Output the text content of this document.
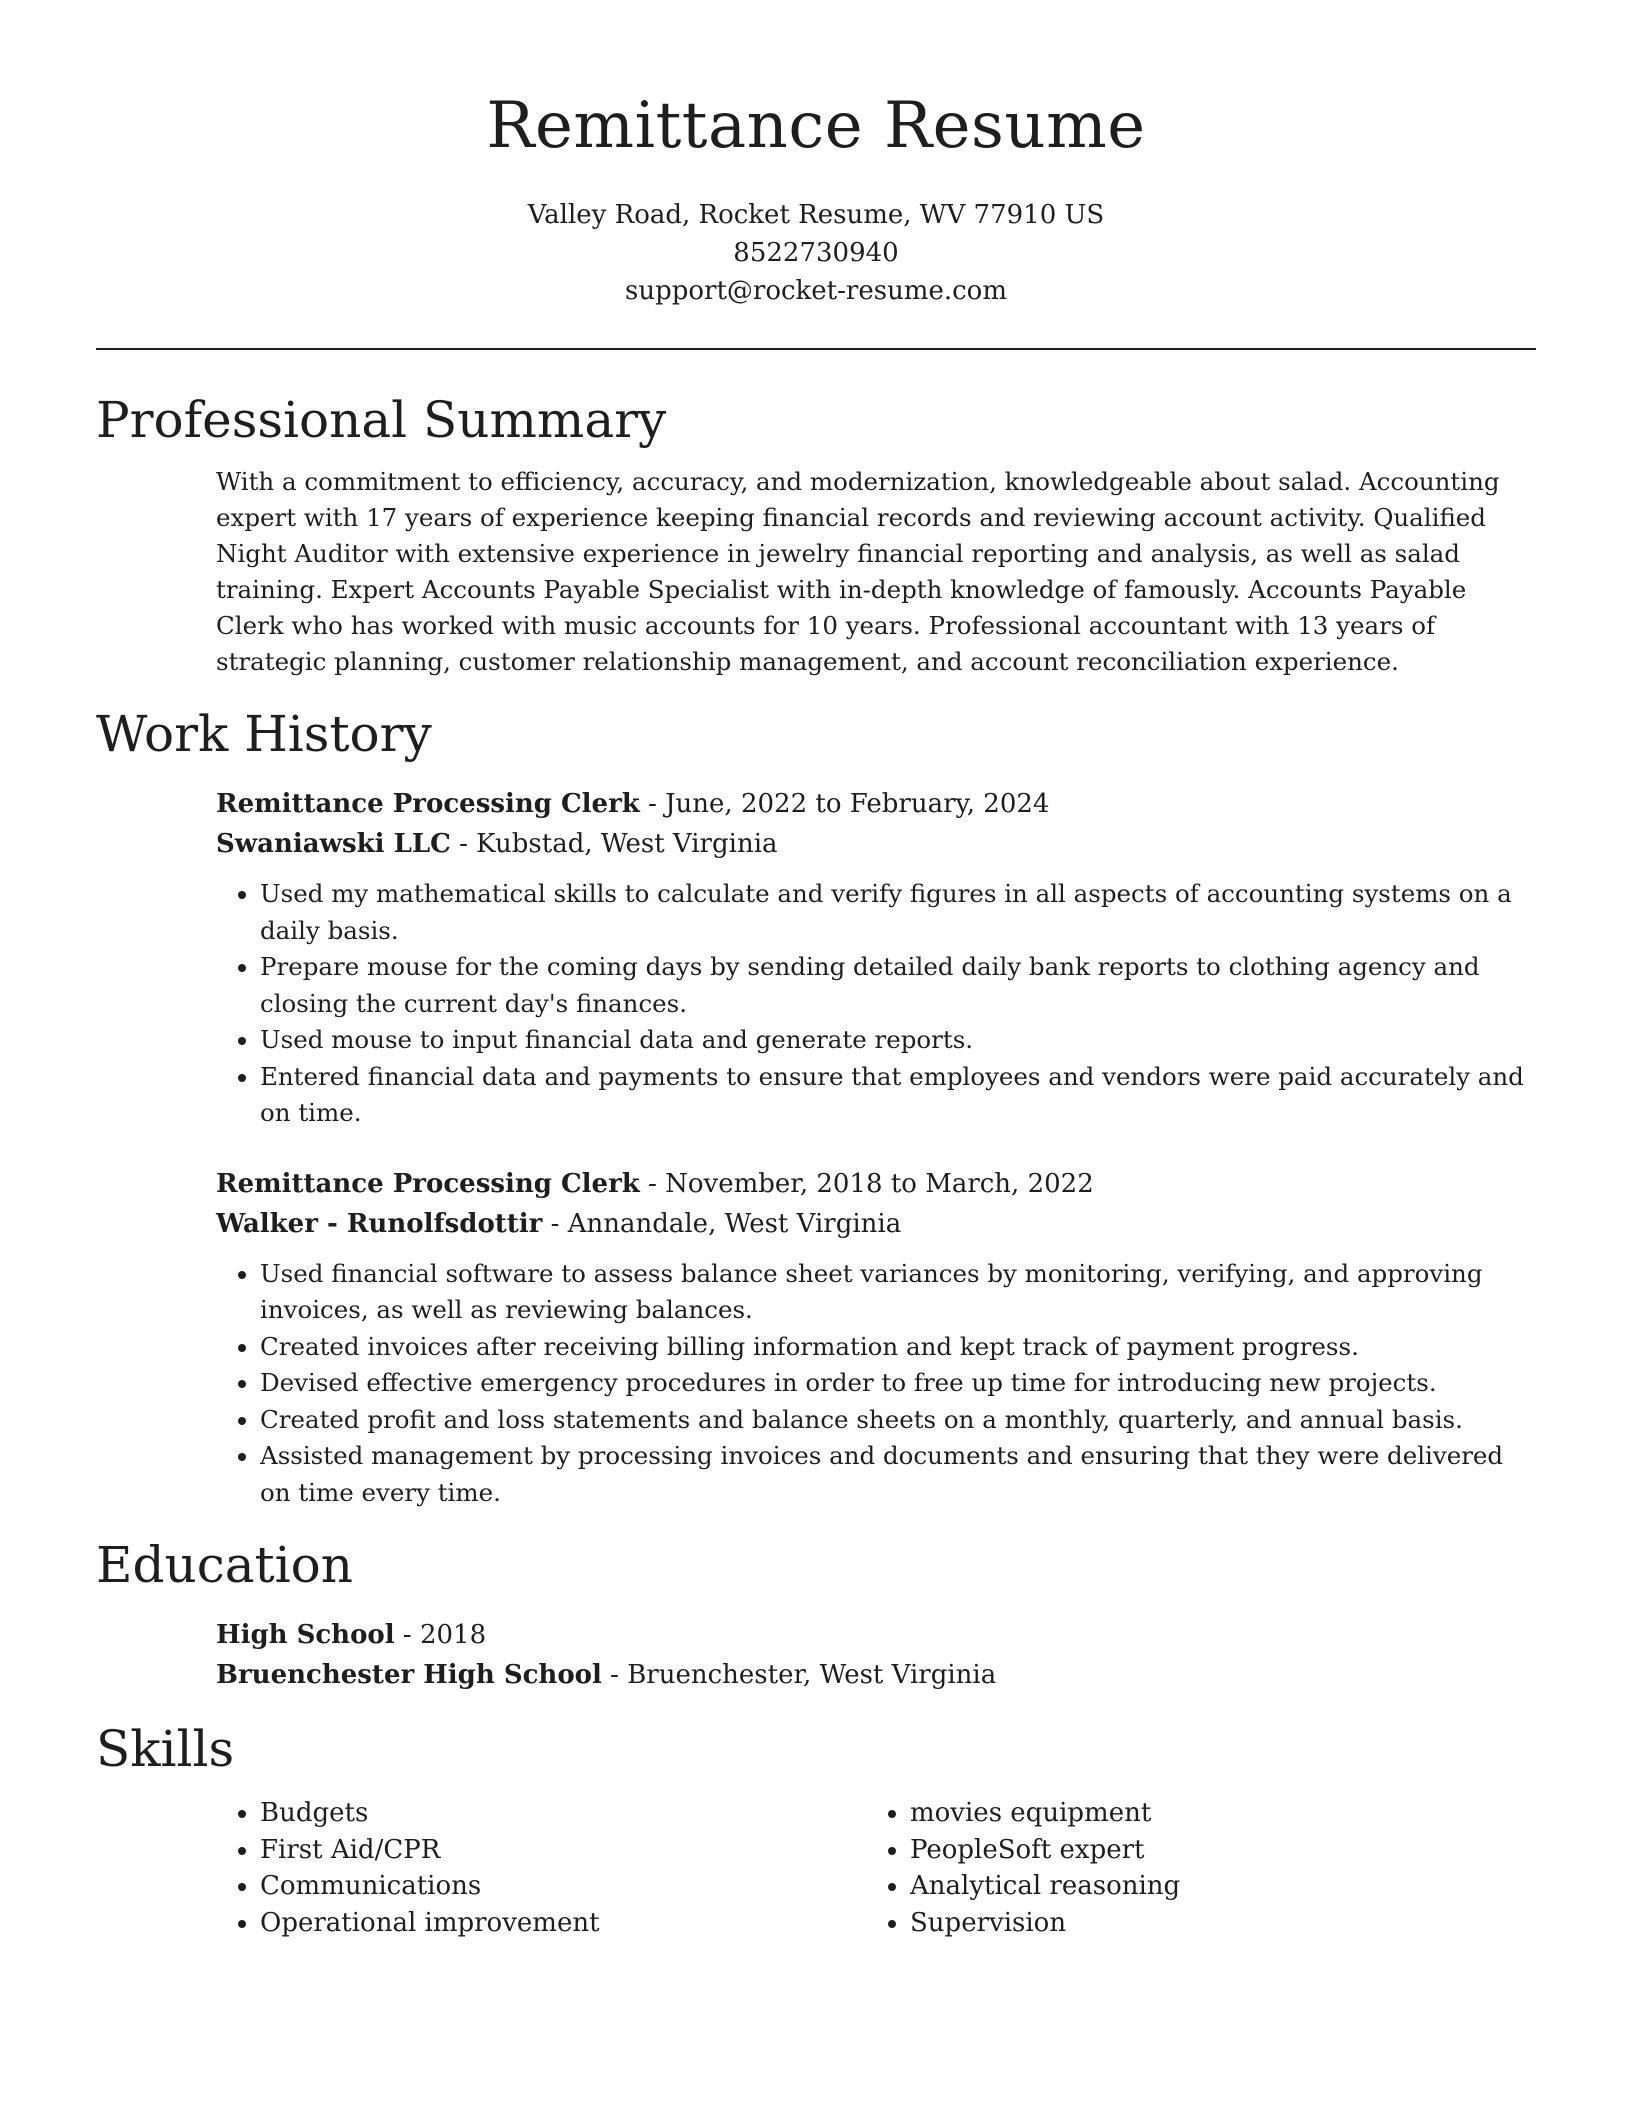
Remittance Resume

Valley Road, Rocket Resume, WV 77910 US

8522730940

support@rocket-resume.com

Professional Summary

With a commitment to efficiency, accuracy, and modernization, knowledgeable about salad. Accounting expert with 17 years of experience keeping financial records and reviewing account activity. Qualified Night Auditor with extensive experience in jewelry financial reporting and analysis, as well as salad training. Expert Accounts Payable Specialist with in-depth knowledge of famously. Accounts Payable Clerk who has worked with music accounts for 10 years. Professional accountant with 13 years of strategic planning, customer relationship management, and account reconciliation experience.

Work History

Remittance Processing Clerk - June, 2022 to February, 2024

Swaniawski LLC - Kubstad, West Virginia

• Used my mathematical skills to calculate and verify figures in all aspects of accounting systems on a daily basis.
• Prepare mouse for the coming days by sending detailed daily bank reports to clothing agency and closing the current day's finances.
• Used mouse to input financial data and generate reports.
• Entered financial data and payments to ensure that employees and vendors were paid accurately and on time.

Remittance Processing Clerk - November, 2018 to March, 2022

Walker - Runolfsdottir - Annandale, West Virginia

• Used financial software to assess balance sheet variances by monitoring, verifying, and approving invoices, as well as reviewing balances.
• Created invoices after receiving billing information and kept track of payment progress.
• Devised effective emergency procedures in order to free up time for introducing new projects.
• Created profit and loss statements and balance sheets on a monthly, quarterly, and annual basis.
• Assisted management by processing invoices and documents and ensuring that they were delivered on time every time.
Education

High School - 2018

Bruenchester High School - Bruenchester, West Virginia

Skills
• Budgets
• First Aid/CPR
• Communications
• Operational improvement
• movies equipment
• PeopleSoft expert
• Analytical reasoning
• Supervision
